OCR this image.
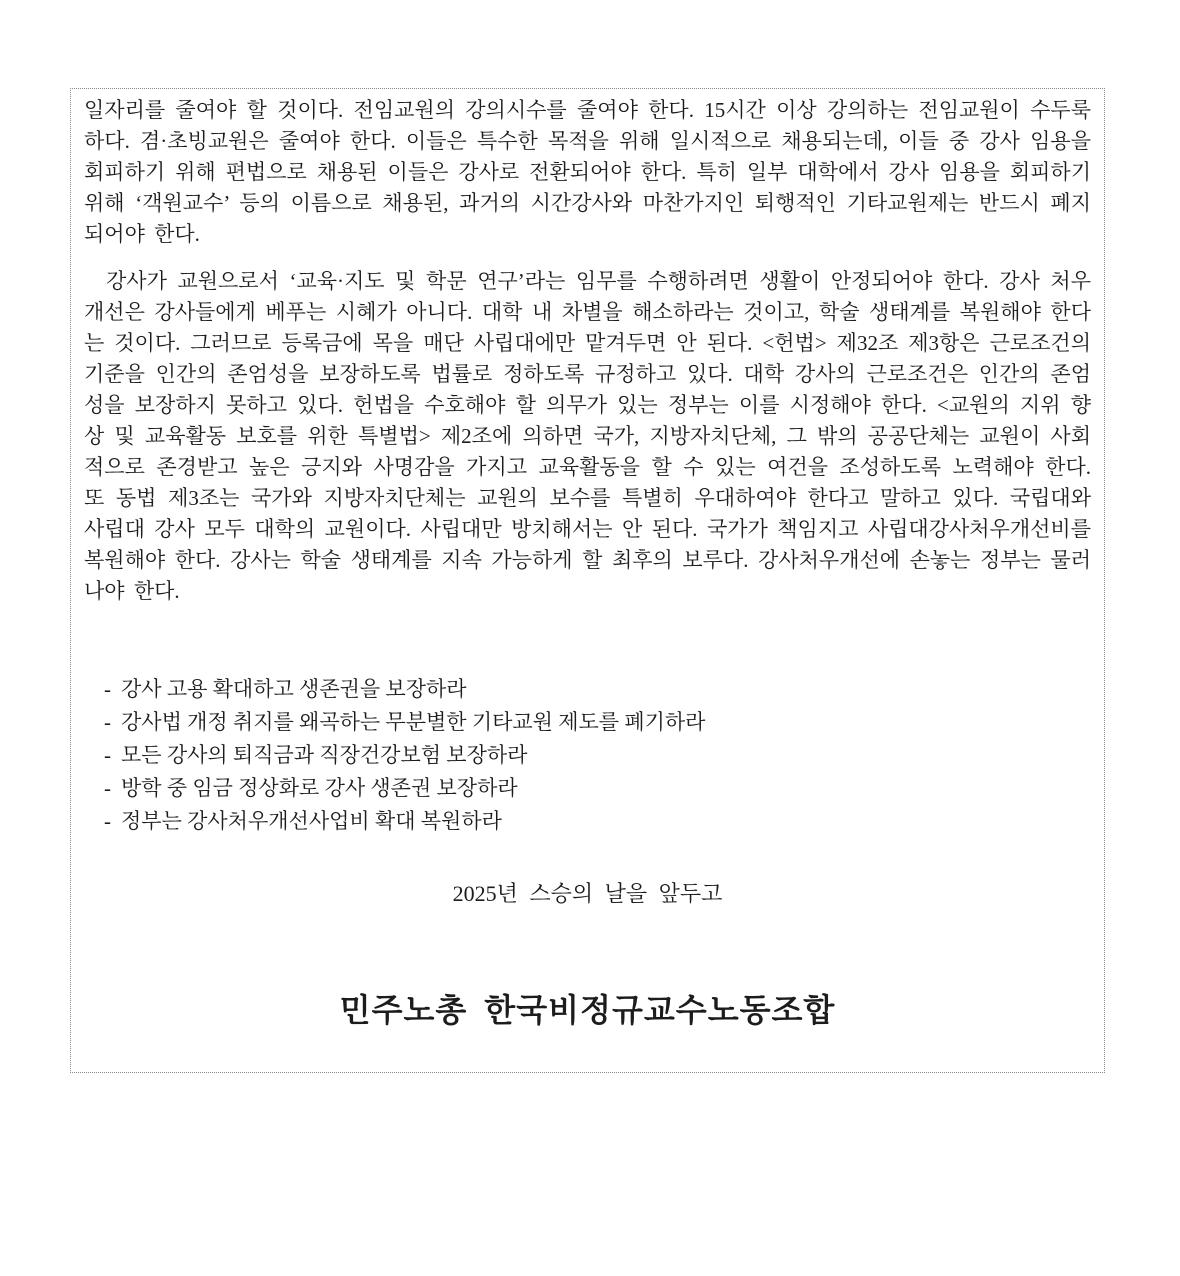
일자리를 줄여야 할 것이다. 전임교원의 강의시수를 줄여야 한다. 15시간 이상 강의하는 전임교원이 수두룩하다. 겸·초빙교원은 줄여야 한다. 이들은 특수한 목적을 위해 일시적으로 채용되는데, 이들 중 강사 임용을 회피하기 위해 편법으로 채용된 이들은 강사로 전환되어야 한다. 특히 일부 대학에서 강사 임용을 회피하기 위해 ‘객원교수’ 등의 이름으로 채용된, 과거의 시간강사와 마찬가지인 퇴행적인 기타교원제는 반드시 폐지되어야 한다.

강사가 교원으로서 ‘교육·지도 및 학문 연구’라는 임무를 수행하려면 생활이 안정되어야 한다. 강사 처우 개선은 강사들에게 베푸는 시혜가 아니다. 대학 내 차별을 해소하라는 것이고, 학술 생태계를 복원해야 한다는 것이다. 그러므로 등록금에 목을 매단 사립대에만 맡겨두면 안 된다. <헌법> 제32조 제3항은 근로조건의 기준을 인간의 존엄성을 보장하도록 법률로 정하도록 규정하고 있다. 대학 강사의 근로조건은 인간의 존엄성을 보장하지 못하고 있다. 헌법을 수호해야 할 의무가 있는 정부는 이를 시정해야 한다. <교원의 지위 향상 및 교육활동 보호를 위한 특별법> 제2조에 의하면 국가, 지방자치단체, 그 밖의 공공단체는 교원이 사회적으로 존경받고 높은 긍지와 사명감을 가지고 교육활동을 할 수 있는 여건을 조성하도록 노력해야 한다. 또 동법 제3조는 국가와 지방자치단체는 교원의 보수를 특별히 우대하여야 한다고 말하고 있다. 국립대와 사립대 강사 모두 대학의 교원이다. 사립대만 방치해서는 안 된다. 국가가 책임지고 사립대강사처우개선비를 복원해야 한다. 강사는 학술 생태계를 지속 가능하게 할 최후의 보루다. 강사처우개선에 손놓는 정부는 물러나야 한다.

- 강사 고용 확대하고 생존권을 보장하라
- 강사법 개정 취지를 왜곡하는 무분별한 기타교원 제도를 폐기하라
- 모든 강사의 퇴직금과 직장건강보험 보장하라
- 방학 중 임금 정상화로 강사 생존권 보장하라
- 정부는 강사처우개선사업비 확대 복원하라
2025년 스승의 날을 앞두고
민주노총 한국비정규교수노동조합
